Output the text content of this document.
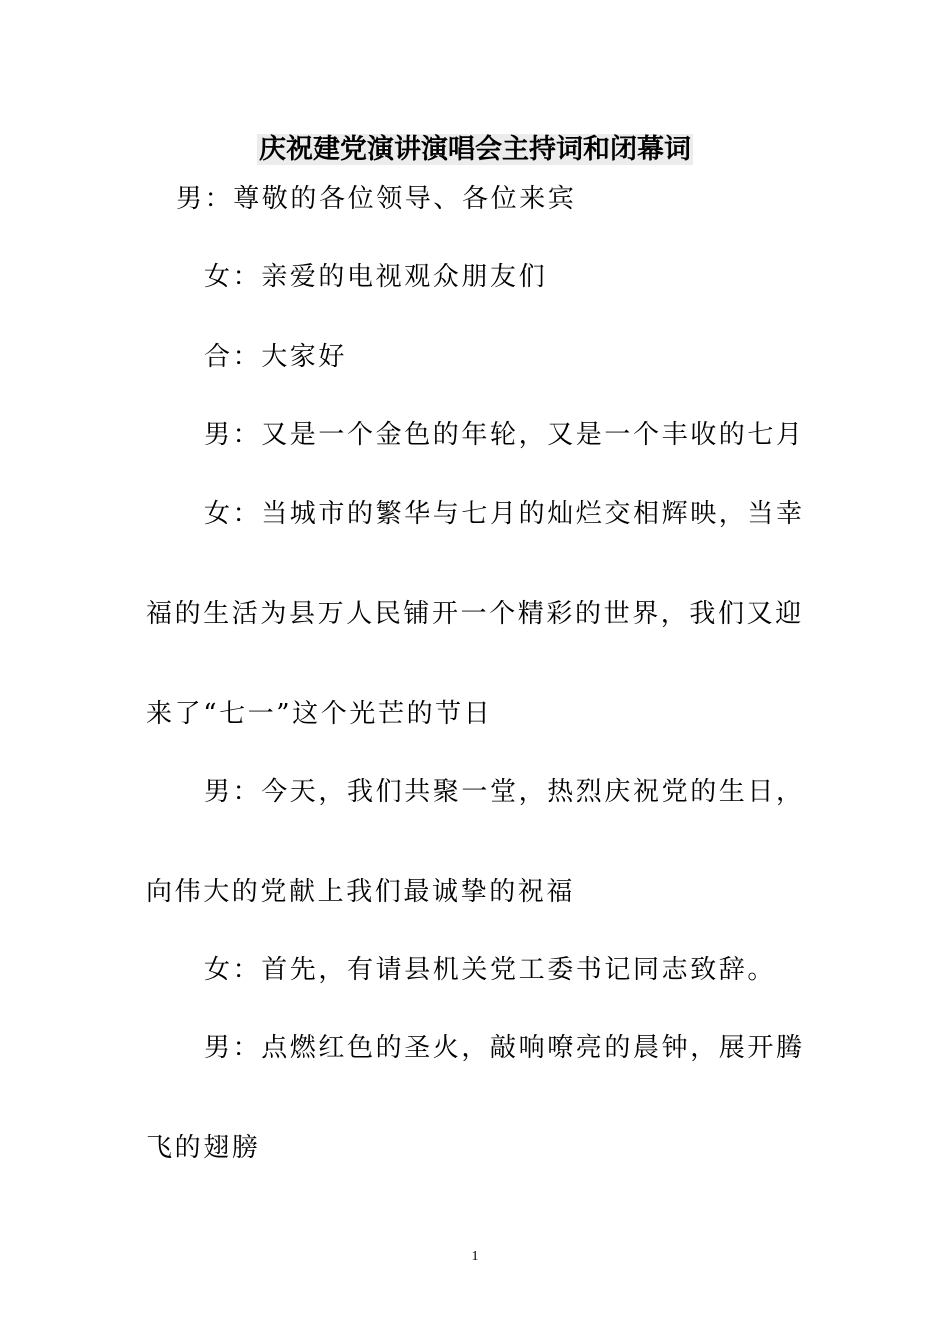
庆祝建党演讲演唱会主持词和闭幕词
男：尊敬的各位领导、各位来宾
女：亲爱的电视观众朋友们
合：大家好
男：又是一个金色的年轮，又是一个丰收的七月
女：当城市的繁华与七月的灿烂交相辉映，当幸
福的生活为县万人民铺开一个精彩的世界，我们又迎
来了“七一”这个光芒的节日
男：今天，我们共聚一堂，热烈庆祝党的生日，
向伟大的党献上我们最诚挚的祝福
女：首先，有请县机关党工委书记同志致辞。
男：点燃红色的圣火，敲响嘹亮的晨钟，展开腾
飞的翅膀
1
